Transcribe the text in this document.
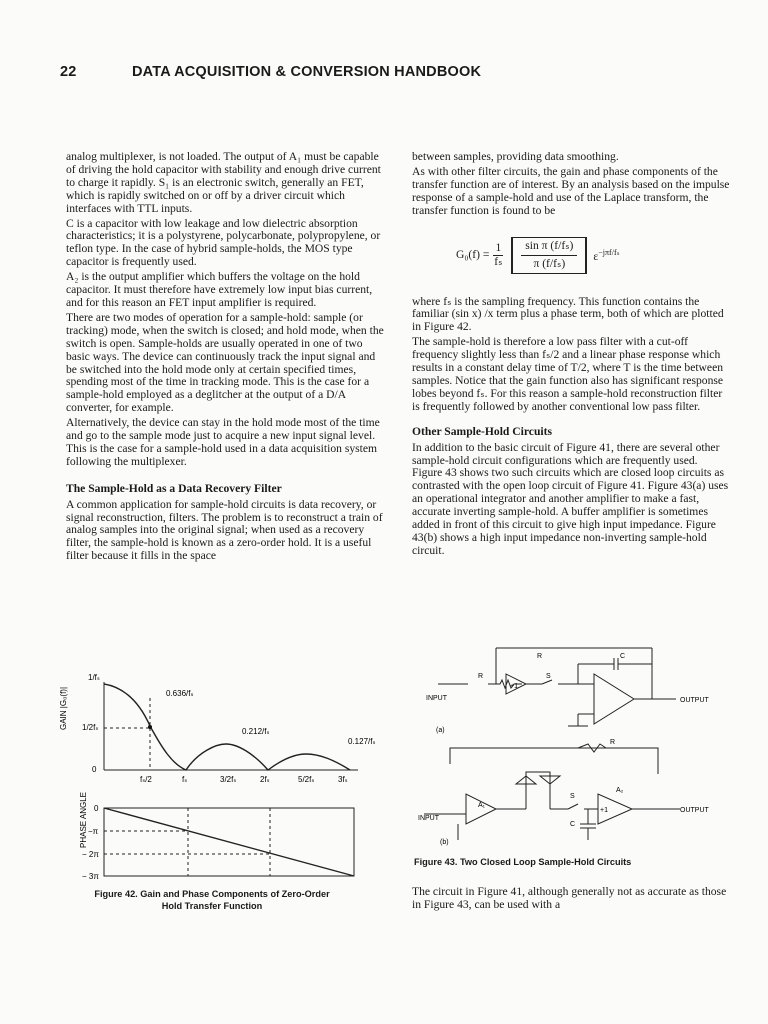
22	DATA ACQUISITION & CONVERSION HANDBOOK

analog multiplexer, is not loaded. The output of A₁ must be capable of driving the hold capacitor with stability and enough drive current to charge it rapidly. S₁ is an electronic switch, generally an FET, which is rapidly switched on or off by a driver circuit which interfaces with TTL inputs.

C is a capacitor with low leakage and low dielectric absorption characteristics; it is a polystyrene, polycarbonate, polypropylene, or teflon type. In the case of hybrid sample-holds, the MOS type capacitor is frequently used.

A₂ is the output amplifier which buffers the voltage on the hold capacitor. It must therefore have extremely low input bias current, and for this reason an FET input amplifier is required.

There are two modes of operation for a sample-hold: sample (or tracking) mode, when the switch is closed; and hold mode, when the switch is open. Sample-holds are usually operated in one of two basic ways. The device can continuously track the input signal and be switched into the hold mode only at certain specified times, spending most of the time in tracking mode. This is the case for a sample-hold employed as a deglitcher at the output of a D/A converter, for example.

Alternatively, the device can stay in the hold mode most of the time and go to the sample mode just to acquire a new input signal level. This is the case for a sample-hold used in a data acquisition system following the multiplexer.

The Sample-Hold as a Data Recovery Filter

A common application for sample-hold circuits is data recovery, or signal reconstruction, filters. The problem is to reconstruct a train of analog samples into the original signal; when used as a recovery filter, the sample-hold is known as a zero-order hold. It is a useful filter because it fills in the space

between samples, providing data smoothing.

As with other filter circuits, the gain and phase components of the transfer function are of interest. By an analysis based on the impulse response of a sample-hold and use of the Laplace transform, the transfer function is found to be

$G_0(f) = \frac{1}{\text{fₛ}} \frac{\text{sin π (f/fₛ)}}{\text{π (f/fₛ)}} \varepsilon^{-j\pi f/f_s}$

where fₛ is the sampling frequency. This function contains the familiar (sin x) /x term plus a phase term, both of which are plotted in Figure 42.

The sample-hold is therefore a low pass filter with a cut-off frequency slightly less than fₛ/2 and a linear phase response which results in a constant delay time of T/2, where T is the time between samples. Notice that the gain function also has significant response lobes beyond fₛ. For this reason a sample-hold reconstruction filter is frequently followed by another conventional low pass filter.

Other Sample-Hold Circuits

In addition to the basic circuit of Figure 41, there are several other sample-hold circuit configurations which are frequently used. Figure 43 shows two such circuits which are closed loop circuits as contrasted with the open loop circuit of Figure 41. Figure 43(a) uses an operational integrator and another amplifier to make a fast, accurate inverting sample-hold. A buffer amplifier is sometimes added in front of this circuit to give high input impedance. Figure 43(b) shows a high input impedance non-inverting sample-hold circuit.

GAIN |G₀(f)|
1/fₛ
1/2fₛ
0
fₛ/2	fₛ	3/2fₛ	2fₛ	5/2fₛ	3fₛ
0.636/fₛ
0.212/fₛ
0.127/fₛ
PHASE ANGLE 0
−π
− 2π
− 3π
Figure 42. Gain and Phase Components of Zero-Order
Hold Transfer Function
R	C
+1
S
R
INPUT	OUTPUT
(a)
R
A₁
A₂
+1
S
C
INPUT
OUTPUT
(b)
Figure 43. Two Closed Loop Sample-Hold Circuits

The circuit in Figure 41, although generally not as accurate as those in Figure 43, can be used with a
